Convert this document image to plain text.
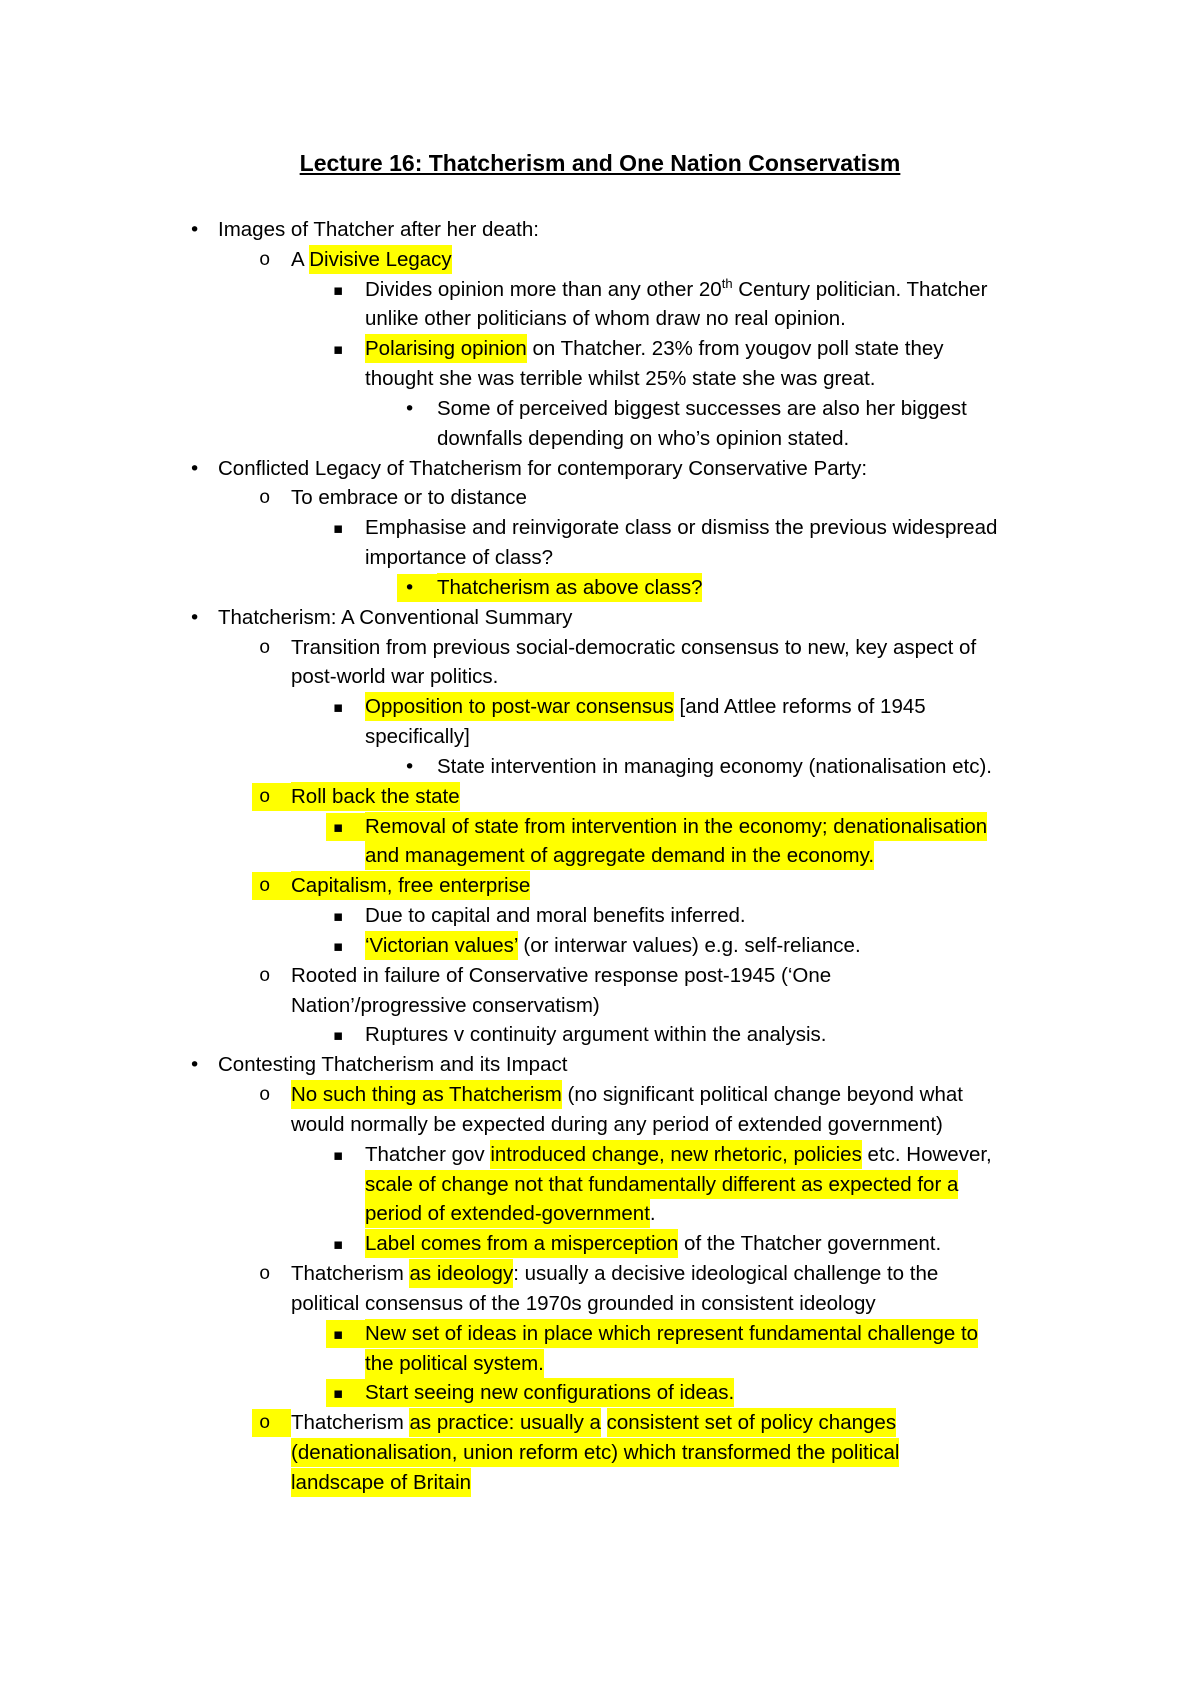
Lecture 16: Thatcherism and One Nation Conservatism
• Images of Thatcher after her death:
o	A Divisive Legacy
▪	Divides opinion more than any other 20th Century politician. Thatcher
unlike other politicians of whom draw no real opinion.
▪	Polarising opinion on Thatcher. 23% from yougov poll state they
thought she was terrible whilst 25% state she was great.
•	Some of perceived biggest successes are also her biggest
downfalls depending on who’s opinion stated.
• Conflicted Legacy of Thatcherism for contemporary Conservative Party:
o	To embrace or to distance
▪	Emphasise and reinvigorate class or dismiss the previous widespread
importance of class?
•	Thatcherism as above class?
• Thatcherism: A Conventional Summary
o	Transition from previous social-democratic consensus to new, key aspect of
post-world war politics.
▪	Opposition to post-war consensus [and Attlee reforms of 1945
specifically]
•	State intervention in managing economy (nationalisation etc).
o	Roll back the state
▪	Removal of state from intervention in the economy; denationalisation
and management of aggregate demand in the economy.
o	Capitalism, free enterprise
▪	Due to capital and moral benefits inferred.
▪	‘Victorian values’ (or interwar values) e.g. self-reliance.
o	Rooted in failure of Conservative response post-1945 (‘One
Nation’/progressive conservatism)
▪	Ruptures v continuity argument within the analysis.
• Contesting Thatcherism and its Impact
o	No such thing as Thatcherism (no significant political change beyond what
would normally be expected during any period of extended government)
▪	Thatcher gov introduced change, new rhetoric, policies etc. However,
scale of change not that fundamentally different as expected for a
period of extended-government.
▪	Label comes from a misperception of the Thatcher government.
o	Thatcherism as ideology: usually a decisive ideological challenge to the
political consensus of the 1970s grounded in consistent ideology
▪	New set of ideas in place which represent fundamental challenge to
the political system.
▪	Start seeing new configurations of ideas.
o	Thatcherism as practice: usually a consistent set of policy changes
(denationalisation, union reform etc) which transformed the political
landscape of Britain
